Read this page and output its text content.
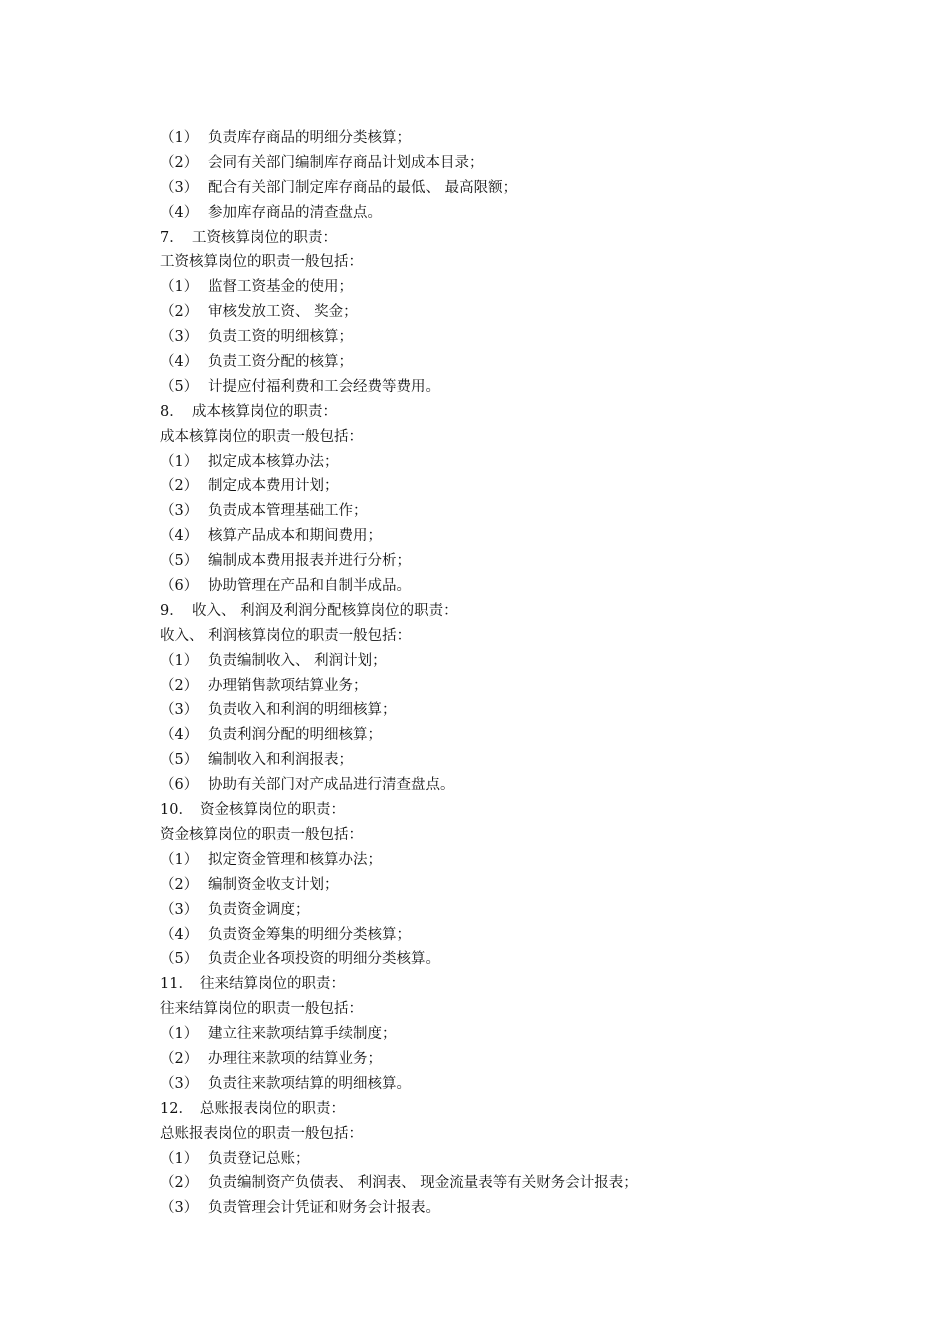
（1） 负责库存商品的明细分类核算；
（2） 会同有关部门编制库存商品计划成本目录；
（3） 配合有关部门制定库存商品的最低、 最高限额；
（4） 参加库存商品的清查盘点。
7． 工资核算岗位的职责：
工资核算岗位的职责一般包括：
（1） 监督工资基金的使用；
（2） 审核发放工资、 奖金；
（3） 负责工资的明细核算；
（4） 负责工资分配的核算；
（5） 计提应付福利费和工会经费等费用。
8． 成本核算岗位的职责：
成本核算岗位的职责一般包括：
（1） 拟定成本核算办法；
（2） 制定成本费用计划；
（3） 负责成本管理基础工作；
（4） 核算产品成本和期间费用；
（5） 编制成本费用报表并进行分析；
（6） 协助管理在产品和自制半成品。
9． 收入、 利润及利润分配核算岗位的职责：
收入、 利润核算岗位的职责一般包括：
（1） 负责编制收入、 利润计划；
（2） 办理销售款项结算业务；
（3） 负责收入和利润的明细核算；
（4） 负责利润分配的明细核算；
（5） 编制收入和利润报表；
（6） 协助有关部门对产成品进行清查盘点。
10． 资金核算岗位的职责：
资金核算岗位的职责一般包括：
（1） 拟定资金管理和核算办法；
（2） 编制资金收支计划；
（3） 负责资金调度；
（4） 负责资金筹集的明细分类核算；
（5） 负责企业各项投资的明细分类核算。
11． 往来结算岗位的职责：
往来结算岗位的职责一般包括：
（1） 建立往来款项结算手续制度；
（2） 办理往来款项的结算业务；
（3） 负责往来款项结算的明细核算。
12． 总账报表岗位的职责：
总账报表岗位的职责一般包括：
（1） 负责登记总账；
（2） 负责编制资产负债表、 利润表、 现金流量表等有关财务会计报表；
（3） 负责管理会计凭证和财务会计报表。
